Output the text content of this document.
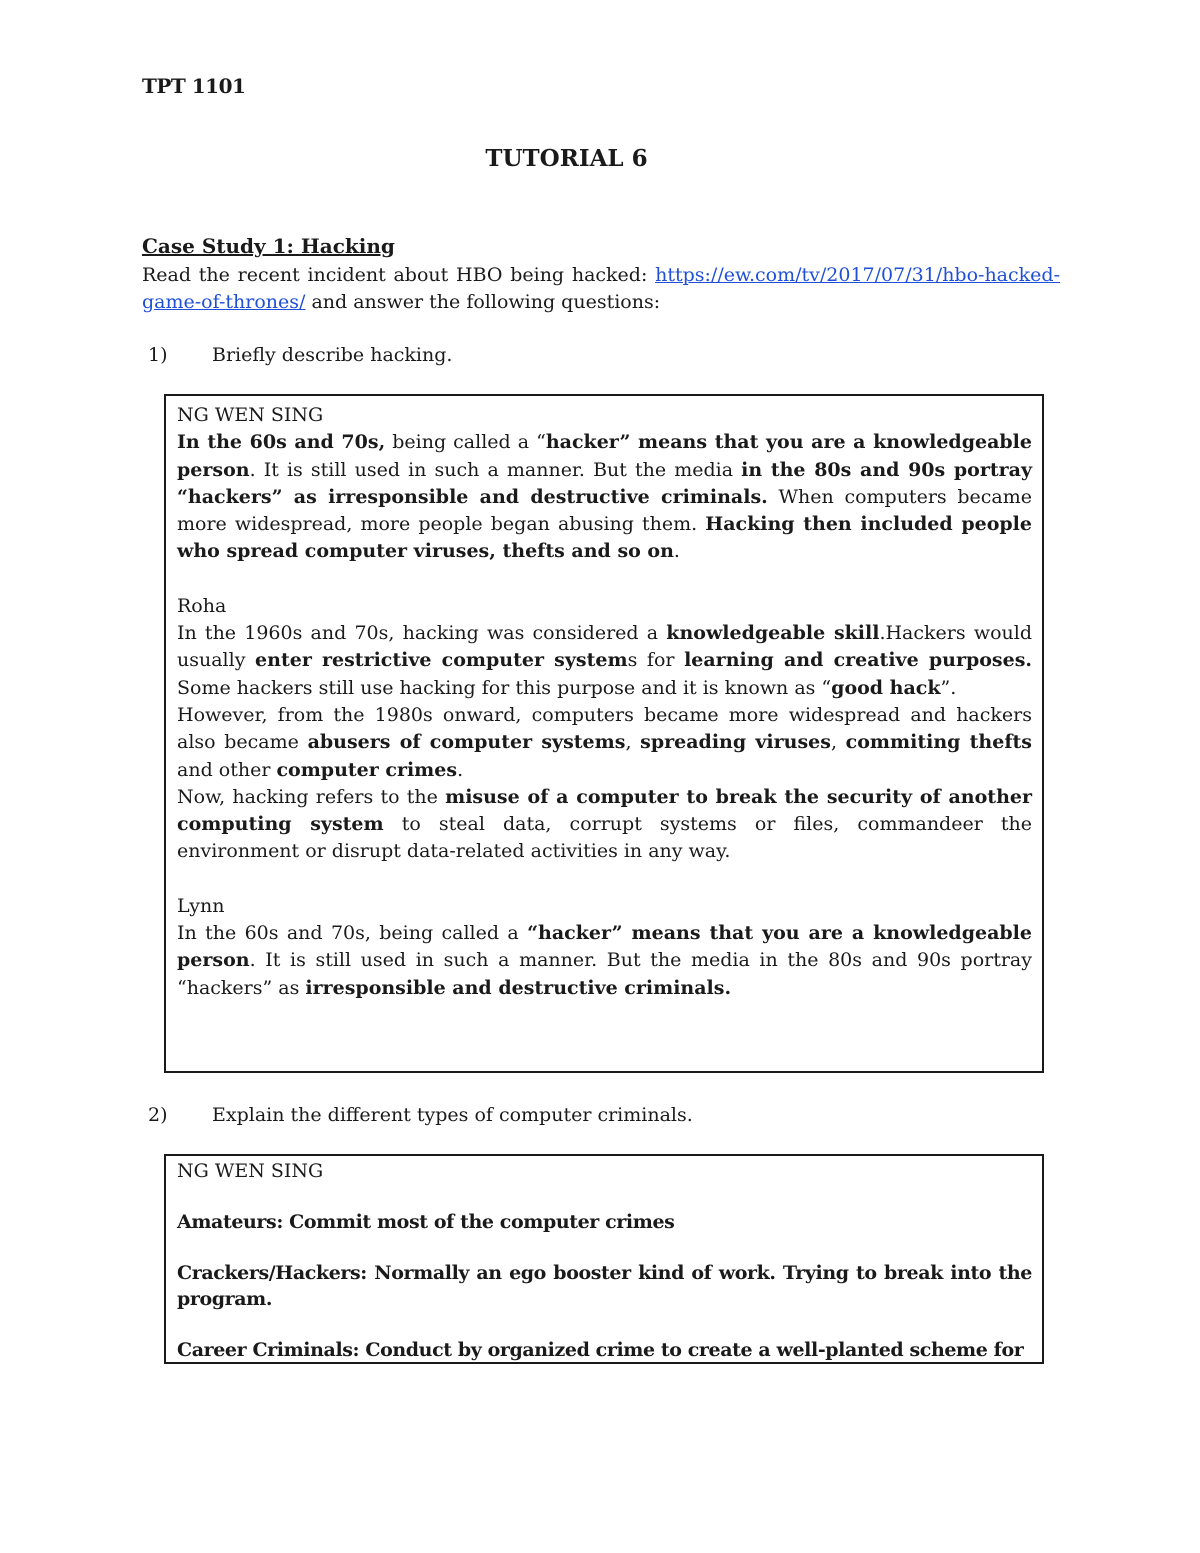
TPT 1101
TUTORIAL 6
Case Study 1: Hacking
Read the recent incident about HBO being hacked: https://ew.com/tv/2017/07/31/hbo-hacked-game-of-thrones/ and answer the following questions:
1) Briefly describe hacking.

NG WEN SING

In the 60s and 70s, being called a “hacker” means that you are a knowledgeable person. It is still used in such a manner. But the media in the 80s and 90s portray “hackers” as irresponsible and destructive criminals. When computers became more widespread, more people began abusing them. Hacking then included people who spread computer viruses, thefts and so on.

Roha

In the 1960s and 70s, hacking was considered a knowledgeable skill.Hackers would usually enter restrictive computer systems for learning and creative purposes. Some hackers still use hacking for this purpose and it is known as “good hack”.

However, from the 1980s onward, computers became more widespread and hackers also became abusers of computer systems, spreading viruses, commiting thefts and other computer crimes.

Now, hacking refers to the misuse of a computer to break the security of another computing system to steal data, corrupt systems or files, commandeer the environment or disrupt data-related activities in any way.

Lynn

In the 60s and 70s, being called a “hacker” means that you are a knowledgeable person. It is still used in such a manner. But the media in the 80s and 90s portray “hackers” as irresponsible and destructive criminals.

2) Explain the different types of computer criminals.

NG WEN SING

Amateurs: Commit most of the computer crimes

Crackers/Hackers: Normally an ego booster kind of work. Trying to break into the program.

Career Criminals: Conduct by organized crime to create a well-planted scheme for
